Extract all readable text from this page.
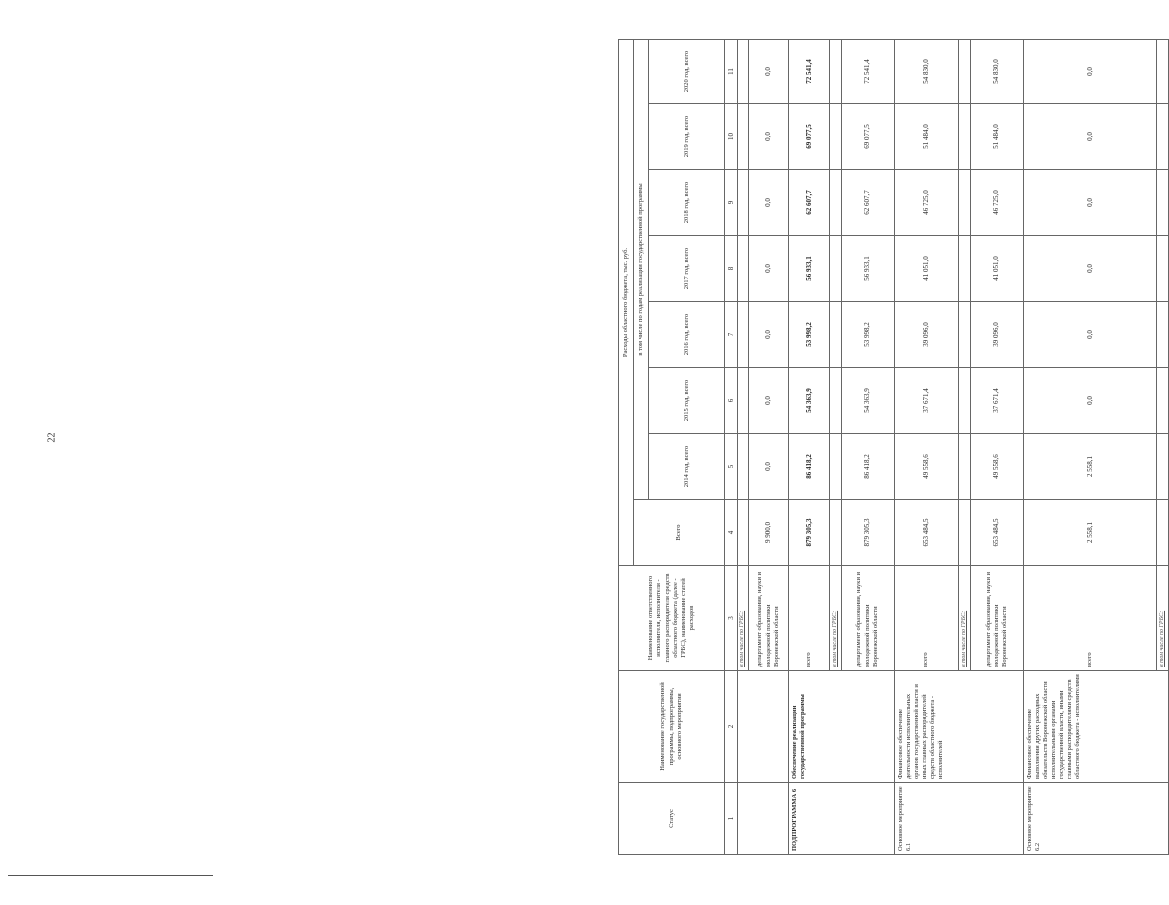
22
Статус	Наименование государственной программы, подпрограммы, основного мероприятия	Наименование ответственного исполнителя, исполнителя - главного распорядителя средств областного бюджета (далее - ГРБС), наименование статей расходов	Расходы областного бюджета, тыс. руб.							
			Всего	в том числе по годам реализации государственной программы						
				2014 год, всего	2015 год, всего	2016 год, всего	2017 год, всего	2018 год, всего	2019 год, всего	2020 год, всего
1	2	3	4	5	6	7	8	9	10	11
		в том числе по ГРБС:								
		департамент образования, науки и молодежной политики Воронежской области	9 900,0	0,0	0,0	0,0	0,0	0,0	0,0	0,0
ПОДПРОГРАММА 6	Обеспечение реализации государственной программы	всего	879 305,3	86 418,2	54 363,9	53 998,2	56 933,1	62 607,7	69 077,5	72 541,4
		в том числе по ГРБС:								
		департамент образования, науки и молодежной политики Воронежской области	879 305,3	86 418,2	54 363,9	53 998,2	56 933,1	62 607,7	69 077,5	72 541,4
Основное мероприятие 6.1	Финансовое обеспечение деятельности исполнительных органов государственной власти и иных главных распорядителей средств областного бюджета - исполнителей	всего	653 484,5	49 558,6	37 671,4	39 096,0	41 051,0	46 725,0	51 484,0	54 830,0
		в том числе по ГРБС:								
		департамент образования, науки и молодежной политики Воронежской области	653 484,5	49 558,6	37 671,4	39 096,0	41 051,0	46 725,0	51 484,0	54 830,0
Основное мероприятие 6.2	Финансовое обеспечение выполнения других расходных обязательств Воронежской области исполнительными органами государственной власти, иными главными распорядителями средств областного бюджета - исполнителями	всего	2 558,1	2 558,1	0,0	0,0	0,0	0,0	0,0	0,0
		в том числе по ГРБС:								
